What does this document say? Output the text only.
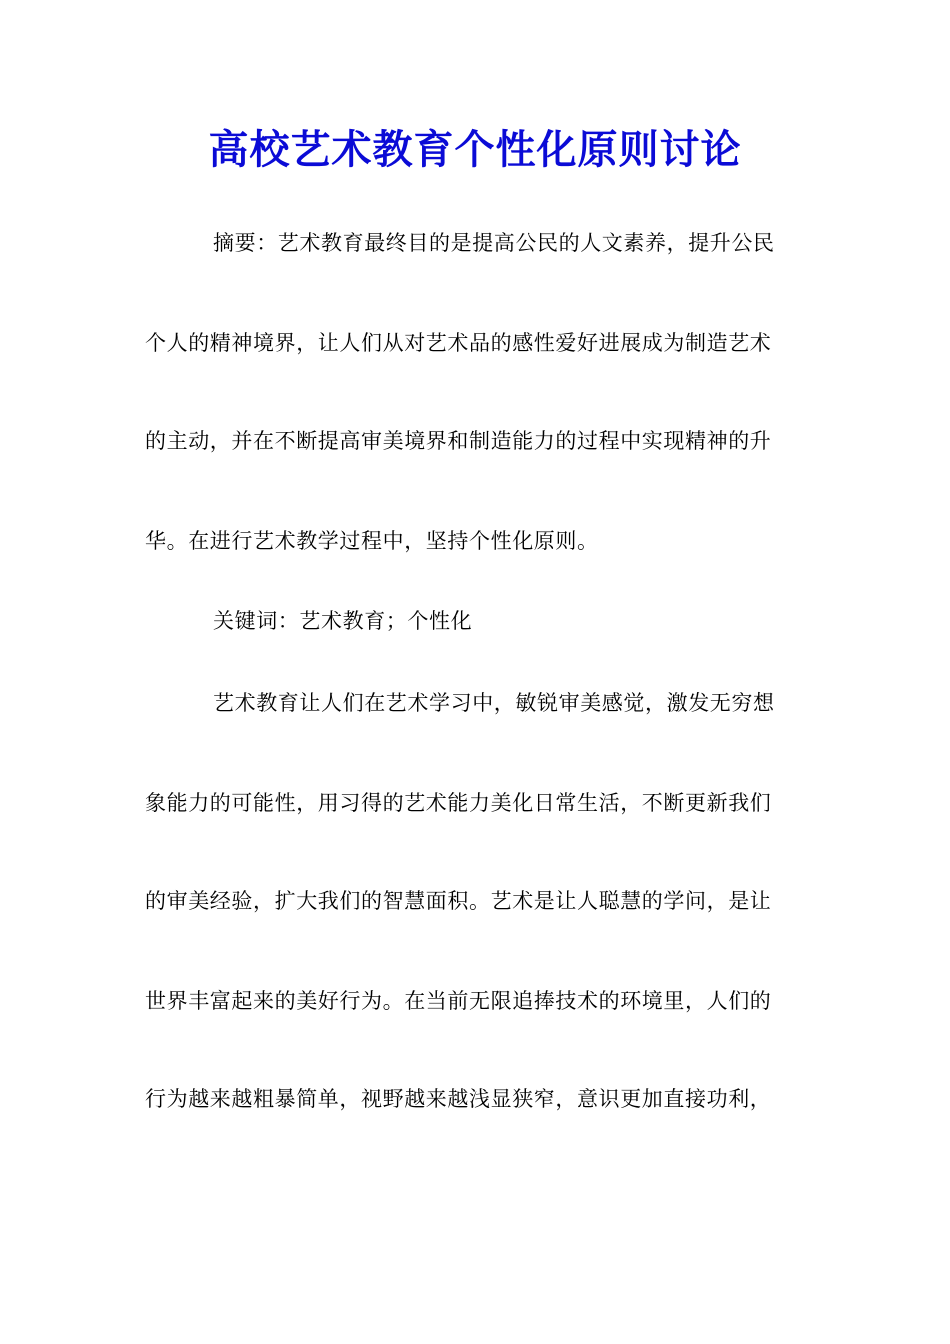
高校艺术教育个性化原则讨论
摘要：艺术教育最终目的是提高公民的人文素养，提升公民
个人的精神境界，让人们从对艺术品的感性爱好进展成为制造艺术
的主动，并在不断提高审美境界和制造能力的过程中实现精神的升
华。在进行艺术教学过程中，坚持个性化原则。
关键词：艺术教育；个性化
艺术教育让人们在艺术学习中，敏锐审美感觉，激发无穷想
象能力的可能性，用习得的艺术能力美化日常生活，不断更新我们
的审美经验，扩大我们的智慧面积。艺术是让人聪慧的学问，是让
世界丰富起来的美好行为。在当前无限追捧技术的环境里，人们的
行为越来越粗暴简单，视野越来越浅显狭窄，意识更加直接功利，
